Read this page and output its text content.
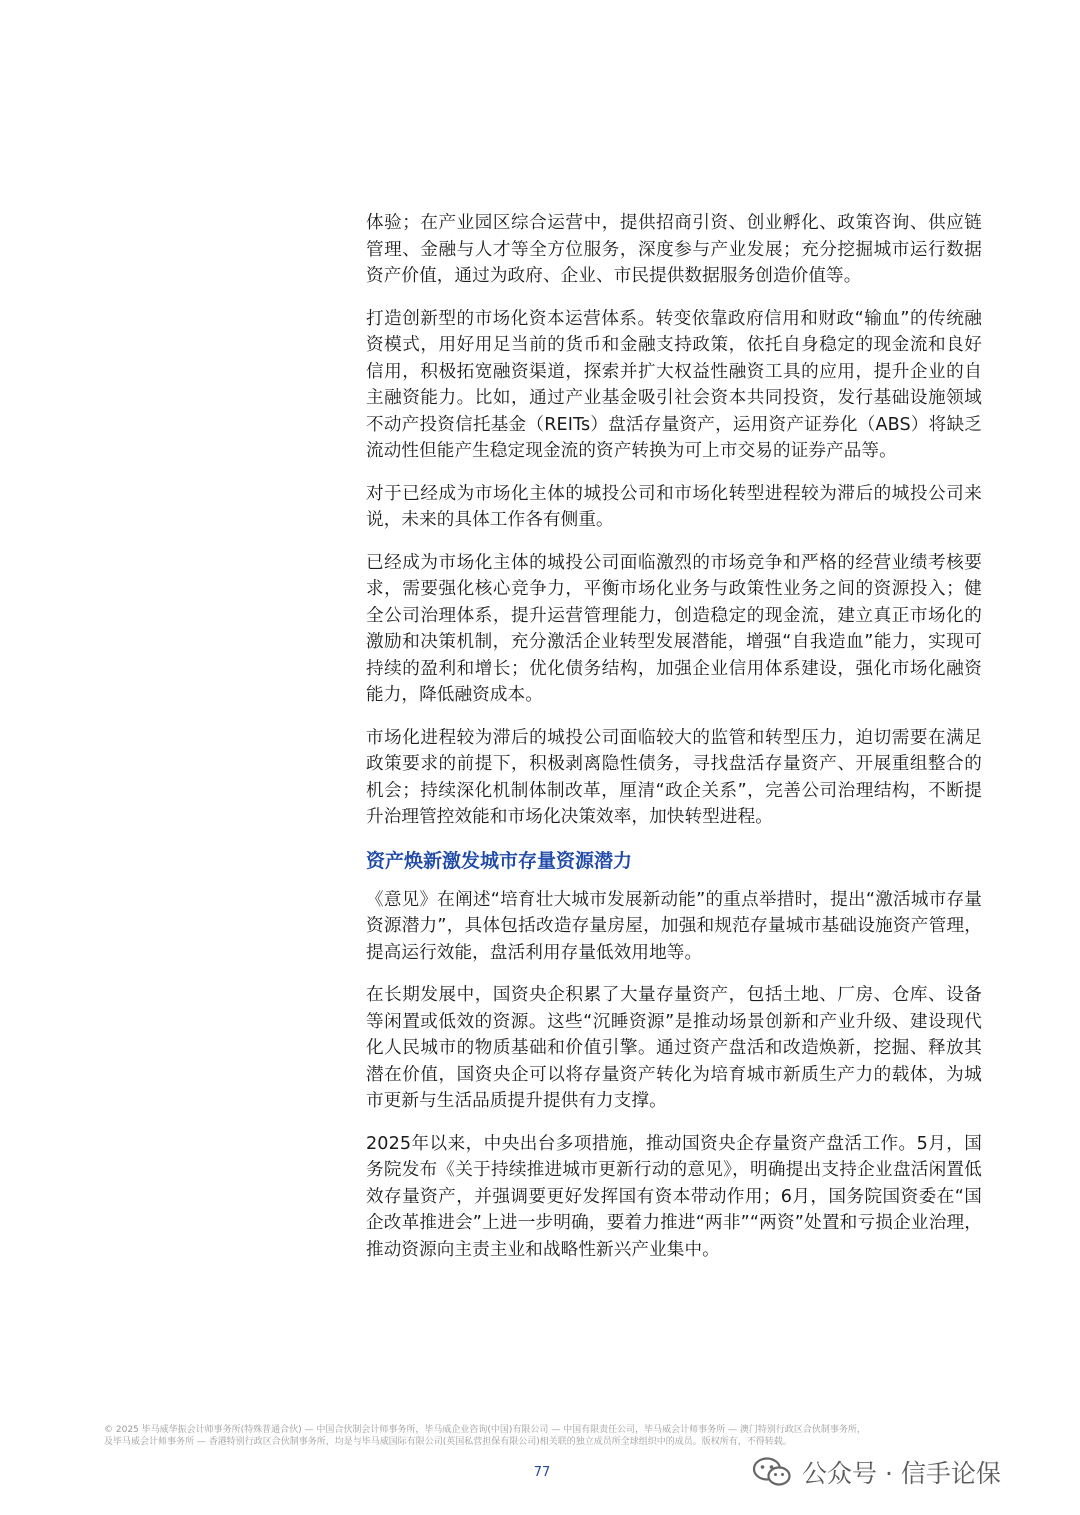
体验；在产业园区综合运营中，提供招商引资、创业孵化、政策咨询、供应链管理、金融与人才等全方位服务，深度参与产业发展；充分挖掘城市运行数据资产价值，通过为政府、企业、市民提供数据服务创造价值等。

打造创新型的市场化资本运营体系。转变依靠政府信用和财政“输血”的传统融资模式，用好用足当前的货币和金融支持政策，依托自身稳定的现金流和良好信用，积极拓宽融资渠道，探索并扩大权益性融资工具的应用，提升企业的自主融资能力。比如，通过产业基金吸引社会资本共同投资，发行基础设施领域不动产投资信托基金（REITs）盘活存量资产，运用资产证券化（ABS）将缺乏流动性但能产生稳定现金流的资产转换为可上市交易的证券产品等。

对于已经成为市场化主体的城投公司和市场化转型进程较为滞后的城投公司来说，未来的具体工作各有侧重。

已经成为市场化主体的城投公司面临激烈的市场竞争和严格的经营业绩考核要求，需要强化核心竞争力，平衡市场化业务与政策性业务之间的资源投入；健全公司治理体系，提升运营管理能力，创造稳定的现金流，建立真正市场化的激励和决策机制，充分激活企业转型发展潜能，增强“自我造血”能力，实现可持续的盈利和增长；优化债务结构，加强企业信用体系建设，强化市场化融资能力，降低融资成本。

市场化进程较为滞后的城投公司面临较大的监管和转型压力，迫切需要在满足政策要求的前提下，积极剥离隐性债务，寻找盘活存量资产、开展重组整合的机会；持续深化机制体制改革，厘清“政企关系”，完善公司治理结构，不断提升治理管控效能和市场化决策效率，加快转型进程。

资产焕新激发城市存量资源潜力

《意见》在阐述“培育壮大城市发展新动能”的重点举措时，提出“激活城市存量资源潜力”，具体包括改造存量房屋，加强和规范存量城市基础设施资产管理，提高运行效能，盘活利用存量低效用地等。

在长期发展中，国资央企积累了大量存量资产，包括土地、厂房、仓库、设备等闲置或低效的资源。这些“沉睡资源”是推动场景创新和产业升级、建设现代化人民城市的物质基础和价值引擎。通过资产盘活和改造焕新，挖掘、释放其潜在价值，国资央企可以将存量资产转化为培育城市新质生产力的载体，为城市更新与生活品质提升提供有力支撑。

2025年以来，中央出台多项措施，推动国资央企存量资产盘活工作。5月，国务院发布《关于持续推进城市更新行动的意见》，明确提出支持企业盘活闲置低效存量资产，并强调要更好发挥国有资本带动作用；6月，国务院国资委在“国企改革推进会”上进一步明确，要着力推进“两非”“两资”处置和亏损企业治理，推动资源向主责主业和战略性新兴产业集中。

© 2025 毕马威华振会计师事务所(特殊普通合伙) — 中国合伙制会计师事务所，毕马威企业咨询(中国)有限公司 — 中国有限责任公司，毕马威会计师事务所 — 澳门特别行政区合伙制事务所，
及毕马威会计师事务所 — 香港特别行政区合伙制事务所，均是与毕马威国际有限公司(英国私营担保有限公司)相关联的独立成员所全球组织中的成员。版权所有，不得转载。
77	公众号 · 信手论保
